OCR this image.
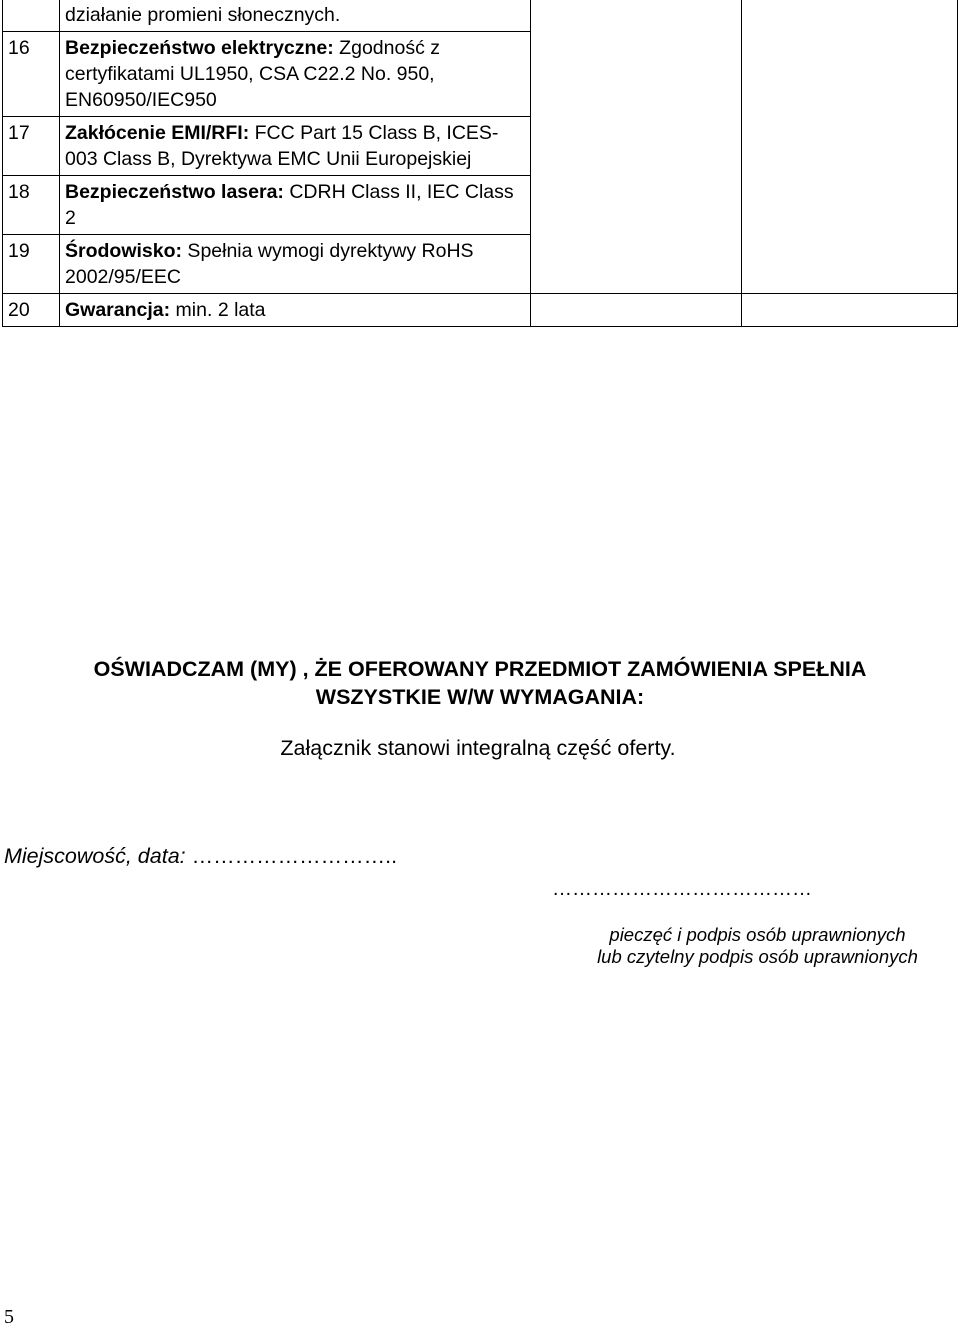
	działanie promieni słonecznych.		
16	Bezpieczeństwo elektryczne: Zgodność z certyfikatami UL1950, CSA C22.2 No. 950, EN60950/IEC950		
17	Zakłócenie EMI/RFI: FCC Part 15 Class B, ICES-003 Class B, Dyrektywa EMC Unii Europejskiej		
18	Bezpieczeństwo lasera: CDRH Class II, IEC Class 2		
19	Środowisko: Spełnia wymogi dyrektywy RoHS 2002/95/EEC		
20	Gwarancja: min. 2 lata		
OŚWIADCZAM (MY) , ŻE OFEROWANY PRZEDMIOT ZAMÓWIENIA SPEŁNIA
WSZYSTKIE W/W WYMAGANIA:
Załącznik stanowi integralną część oferty.
Miejscowość, data: ………………………..
…………………………………
pieczęć i podpis osób uprawnionych
lub czytelny podpis osób uprawnionych
5
